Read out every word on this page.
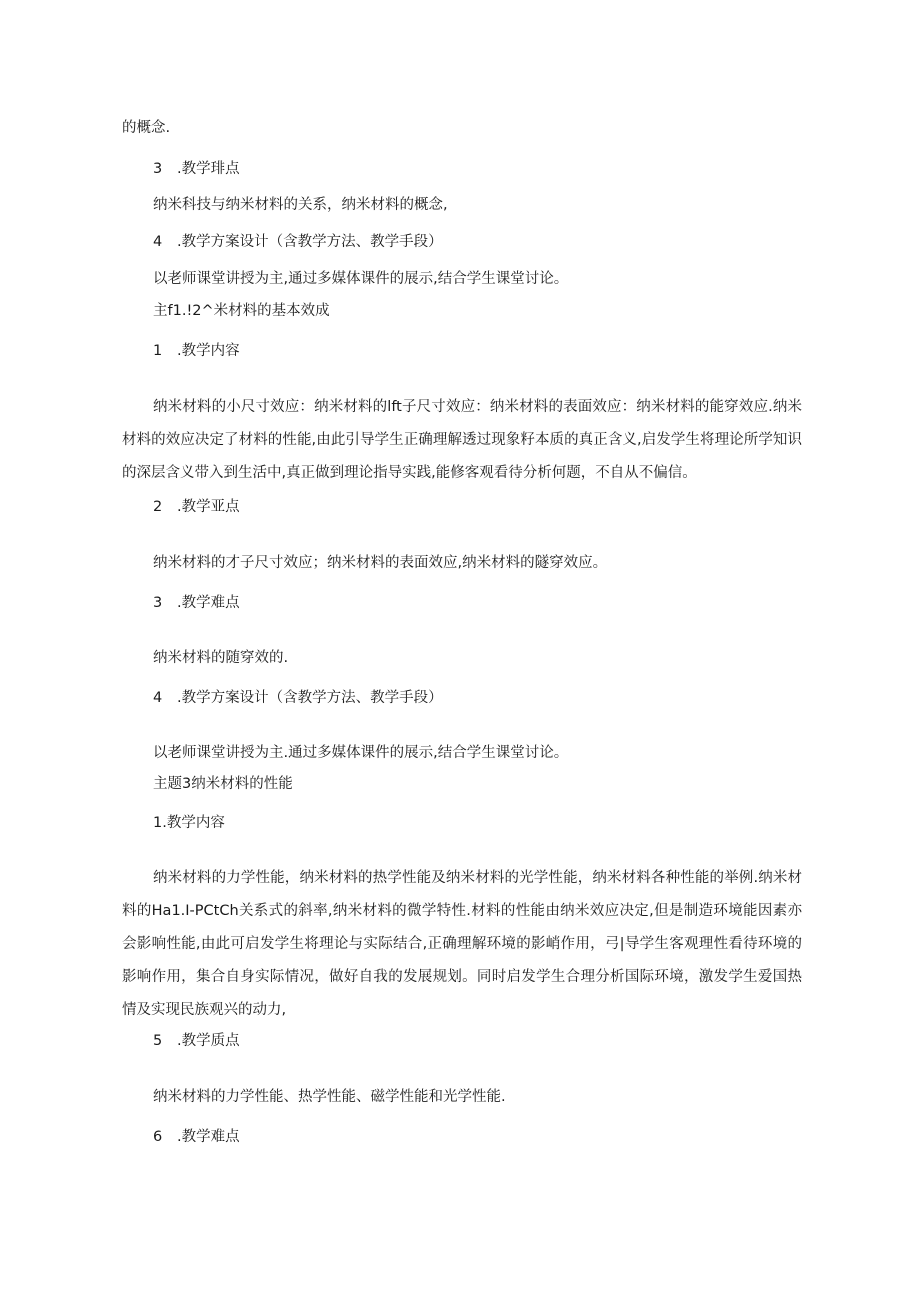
的概念.
3 .教学琲点
纳米科技与纳米材料的关系，纳米材料的概念,
4 .教学方案设计（含教学方法、教学手段）
以老师课堂讲授为主,通过多媒体课件的展示,结合学生课堂讨论。
主f1.!2^米材料的基本效成
1 .教学内容
纳米材料的小尺寸效应：纳米材料的lft子尺寸效应：纳米材料的表面效应：纳米材料的能穿效应.纳米材料的效应决定了材料的性能,由此引导学生正确理解透过现象籽本质的真正含义,启发学生将理论所学知识的深层含义带入到生活中,真正做到理论指导实践,能修客观看待分析何题，不自从不偏信。
2 .教学亚点
纳米材料的才子尺寸效应；纳米材料的表面效应,纳米材料的隧穿效应。
3 .教学难点
纳米材料的随穿效的.
4 .教学方案设计（含教学方法、教学手段）
以老师课堂讲授为主.通过多媒体课件的展示,结合学生课堂讨论。
主题3纳米材料的性能
1.教学内容
纳米材料的力学性能，纳米材料的热学性能及纳米材料的光学性能，纳米材料各种性能的举例.纳米材料的Ha1.I-PCtCh关系式的斜率,纳米材料的微学特性.材料的性能由纳米效应决定,但是制造环境能因素亦会影响性能,由此可启发学生将理论与实际结合,正确理解环境的影峭作用，弓|导学生客观理性看待环境的影响作用，集合自身实际情况，做好自我的发展规划。同时启发学生合理分析国际环境，激发学生爱国热情及实现民族观兴的动力,
5 .教学质点
纳米材料的力学性能、热学性能、磁学性能和光学性能.
6 .教学难点
